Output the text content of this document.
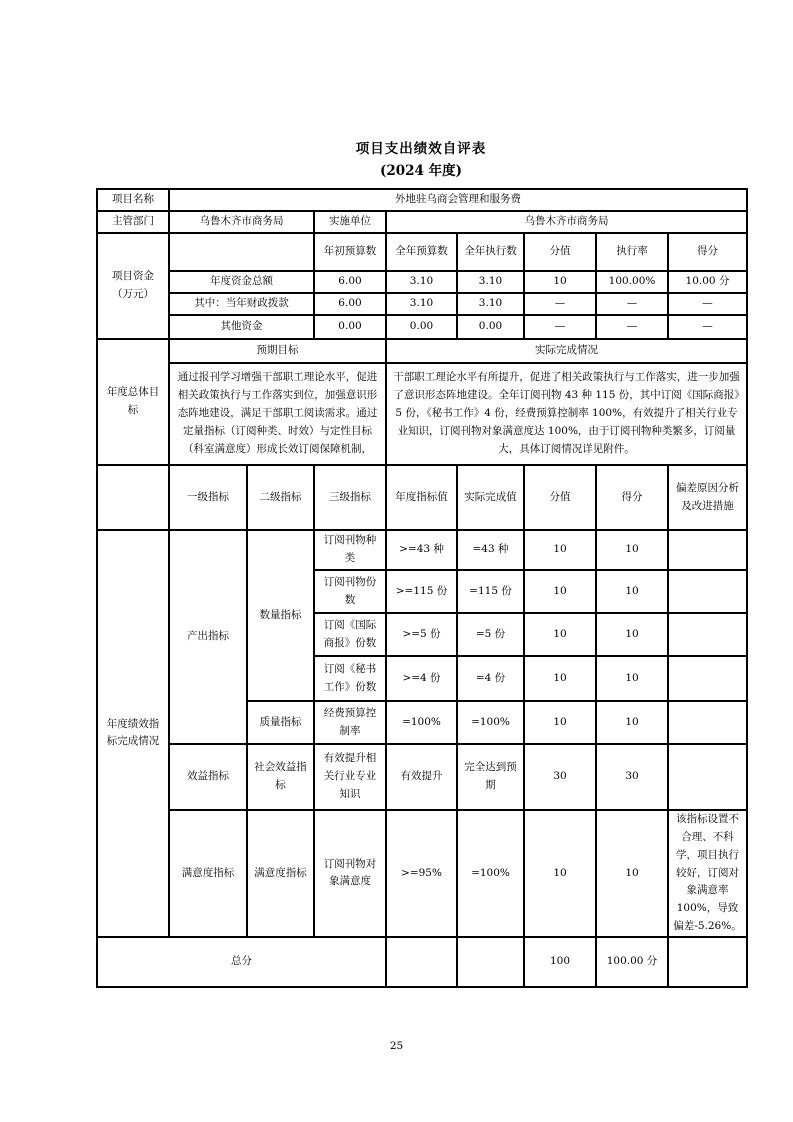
项目支出绩效自评表
(2024 年度)
项目名称	外地驻乌商会管理和服务费							
主管部门	乌鲁木齐市商务局		实施单位	乌鲁木齐市商务局				
项目资金（万元）			年初预算数	全年预算数	全年执行数	分值	执行率	得分
	年度资金总额		6.00	3.10	3.10	10	100.00%	10.00 分
	其中：当年财政拨款		6.00	3.10	3.10	—	—	—
	其他资金		0.00	0.00	0.00	—	—	—
年度总体目标	预期目标			实际完成情况				
	通过报刊学习增强干部职工理论水平，促进相关政策执行与工作落实到位，加强意识形态阵地建设，满足干部职工阅读需求。通过定量指标（订阅种类、时效）与定性目标（科室满意度）形成长效订阅保障机制，			干部职工理论水平有所提升，促进了相关政策执行与工作落实，进一步加强了意识形态阵地建设。全年订阅刊物 43 种 115 份，其中订阅《国际商报》5 份，《秘书工作》4 份，经费预算控制率 100%，有效提升了相关行业专业知识，订阅刊物对象满意度达 100%，由于订阅刊物种类繁多，订阅量大，具体订阅情况详见附件。				
	一级指标	二级指标	三级指标	年度指标值	实际完成值	分值	得分	偏差原因分析及改进措施
年度绩效指标完成情况	产出指标	数量指标	订阅刊物种类	>=43 种	=43 种	10	10	
			订阅刊物份数	>=115 份	=115 份	10	10	
			订阅《国际商报》份数	>=5 份	=5 份	10	10	
			订阅《秘书工作》份数	>=4 份	=4 份	10	10	
		质量指标	经费预算控制率	=100%	=100%	10	10	
	效益指标	社会效益指标	有效提升相关行业专业知识	有效提升	完全达到预期	30	30	
	满意度指标	满意度指标	订阅刊物对象满意度	>=95%	=100%	10	10	该指标设置不合理、不科学，项目执行较好，订阅对象满意率 100%，导致偏差-5.26%。
总分						100	100.00 分	
25
